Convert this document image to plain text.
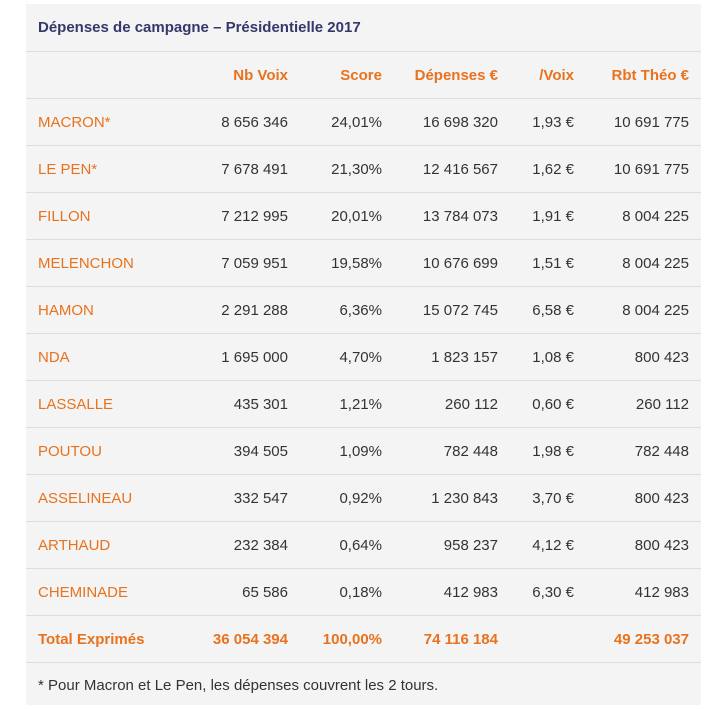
Dépenses de campagne – Présidentielle 2017
	Nb Voix	Score	Dépenses €	/Voix	Rbt Théo €
MACRON*	8 656 346	24,01%	16 698 320	1,93 €	10 691 775
LE PEN*	7 678 491	21,30%	12 416 567	1,62 €	10 691 775
FILLON	7 212 995	20,01%	13 784 073	1,91 €	8 004 225
MELENCHON	7 059 951	19,58%	10 676 699	1,51 €	8 004 225
HAMON	2 291 288	6,36%	15 072 745	6,58 €	8 004 225
NDA	1 695 000	4,70%	1 823 157	1,08 €	800 423
LASSALLE	435 301	1,21%	260 112	0,60 €	260 112
POUTOU	394 505	1,09%	782 448	1,98 €	782 448
ASSELINEAU	332 547	0,92%	1 230 843	3,70 €	800 423
ARTHAUD	232 384	0,64%	958 237	4,12 €	800 423
CHEMINADE	65 586	0,18%	412 983	6,30 €	412 983
Total Exprimés	36 054 394	100,00%	74 116 184		49 253 037
* Pour Macron et Le Pen, les dépenses couvrent les 2 tours.
